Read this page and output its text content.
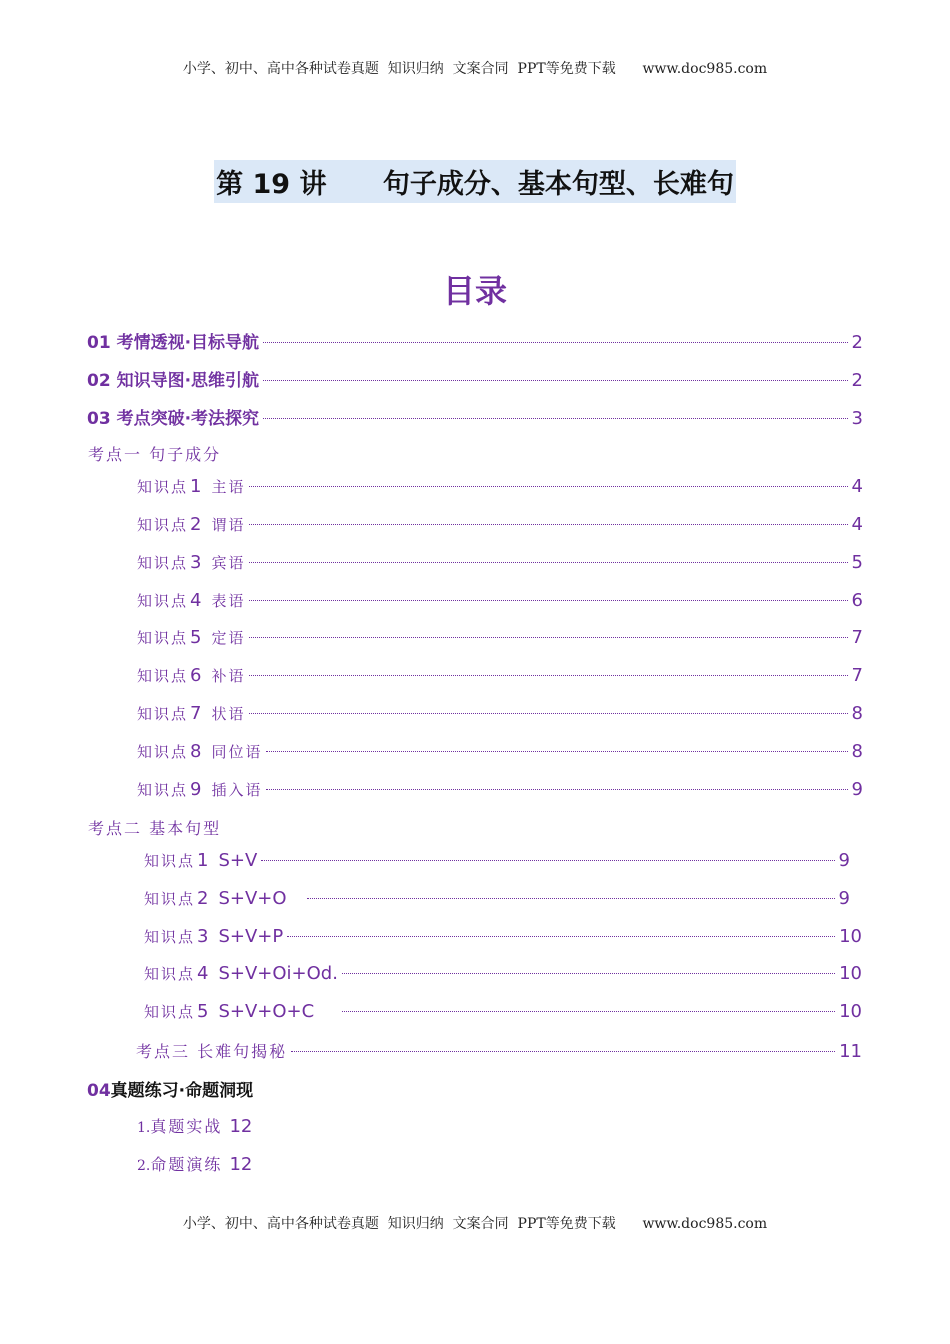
小学、初中、高中各种试卷真题  知识归纳  文案合同  PPT等免费下载      www.doc985.com
第 19 讲      句子成分、基本句型、长难句
目录
01 考情透视·目标导航	2
02 知识导图·思维引航	2
03 考点突破·考法探究	3
考点一 句子成分
知识点 1 主语	4
知识点 2 谓语	4
知识点 3 宾语	5
知识点 4 表语	6
知识点 5 定语	7
知识点 6 补语	7
知识点 7 状语	8
知识点 8 同位语	8
知识点 9 插入语	9
考点二 基本句型
知识点 1 S+V	9
知识点 2 S+V+O	9
知识点 3 S+V+P	10
知识点 4 S+V+Oi+Od.	10
知识点 5 S+V+O+C	10
考点三 长难句揭秘	11
04 真题练习·命题洞现
1.真题实战 12
2.命题演练 12
小学、初中、高中各种试卷真题  知识归纳  文案合同  PPT等免费下载      www.doc985.com
